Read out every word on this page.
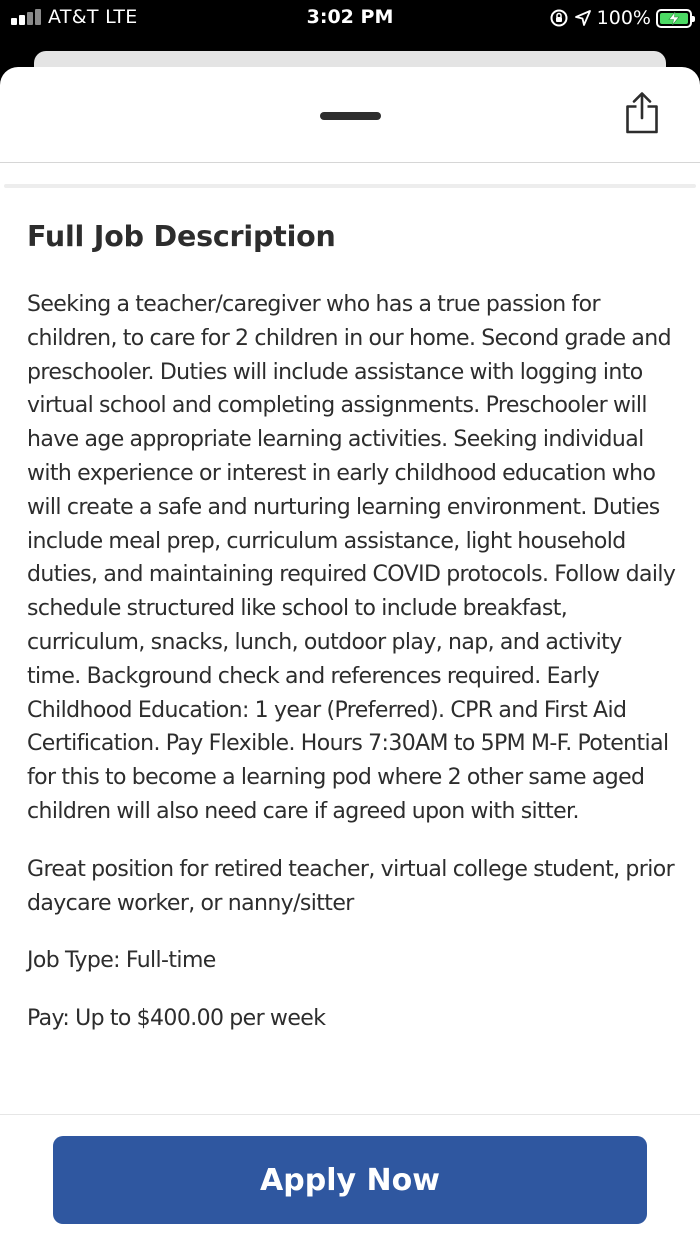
AT&T LTE	3:02 PM	100%
Full Job Description

Seeking a teacher/caregiver who has a true passion for children, to care for 2 children in our home. Second grade and preschooler. Duties will include assistance with logging into virtual school and completing assignments. Preschooler will have age appropriate learning activities. Seeking individual with experience or interest in early childhood education who will create a safe and nurturing learning environment. Duties include meal prep, curriculum assistance, light household duties, and maintaining required COVID protocols. Follow daily schedule structured like school to include breakfast, curriculum, snacks, lunch, outdoor play, nap, and activity time. Background check and references required. Early Childhood Education: 1 year (Preferred). CPR and First Aid Certification. Pay Flexible. Hours 7:30AM to 5PM M-F. Potential for this to become a learning pod where 2 other same aged children will also need care if agreed upon with sitter.

Great position for retired teacher, virtual college student, prior daycare worker, or nanny/sitter

Job Type: Full-time

Pay: Up to $400.00 per week

Apply Now
